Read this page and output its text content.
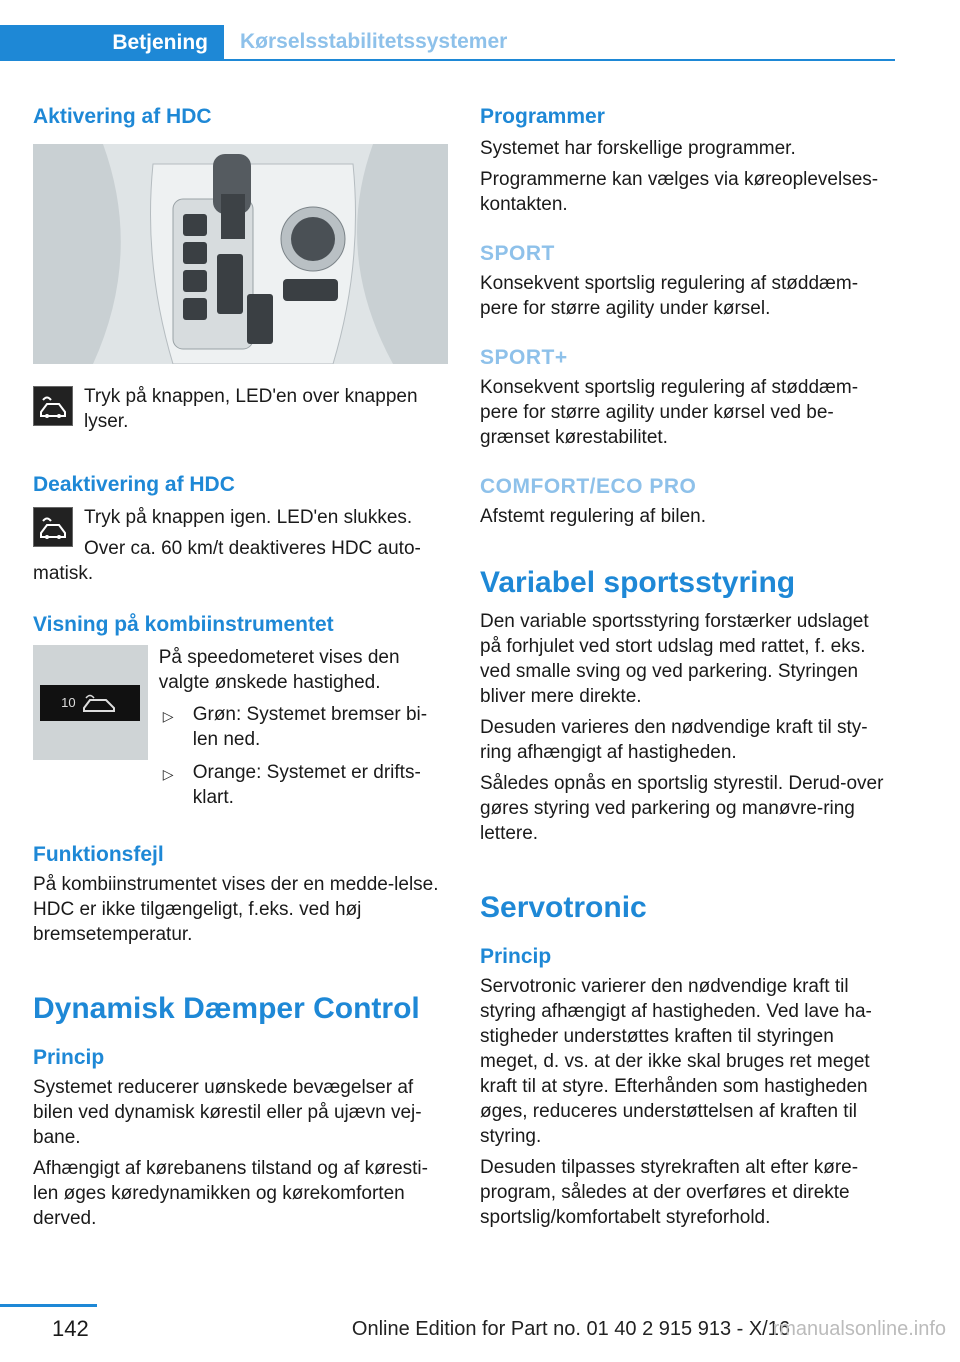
Betjening	Kørselsstabilitetssystemer
Aktivering af HDC

Tryk på knappen, LED'en over knappen lyser.

Deaktivering af HDC

Tryk på knappen igen. LED'en slukkes.

Over ca. 60 km/t deaktiveres HDC auto-

matisk.

Visning på kombiinstrumentet
10

På speedometeret vises den valgte ønskede hastighed.

▷	Grøn: Systemet bremser bi-len ned.
▷	Orange: Systemet er drifts-klart.
Funktionsfejl

På kombiinstrumentet vises der en medde-lelse. HDC er ikke tilgængeligt, f.eks. ved høj bremsetemperatur.

Dynamisk Dæmper Control
Princip

Systemet reducerer uønskede bevægelser af bilen ved dynamisk kørestil eller på ujævn vej-bane.

Afhængigt af kørebanens tilstand og af køresti-len øges køredynamikken og kørekomforten derved.

Programmer

Systemet har forskellige programmer.

Programmerne kan vælges via køreoplevelses-kontakten.

SPORT

Konsekvent sportslig regulering af støddæm-pere for større agility under kørsel.

SPORT+

Konsekvent sportslig regulering af støddæm-pere for større agility under kørsel ved be-grænset kørestabilitet.

COMFORT/ECO PRO

Afstemt regulering af bilen.

Variabel sportsstyring

Den variable sportsstyring forstærker udslaget på forhjulet ved stort udslag med rattet, f. eks. ved smalle sving og ved parkering. Styringen bliver mere direkte.

Desuden varieres den nødvendige kraft til sty-ring afhængigt af hastigheden.

Således opnås en sportslig styrestil. Derud-over gøres styring ved parkering og manøvre-ring lettere.

Servotronic
Princip

Servotronic varierer den nødvendige kraft til styring afhængigt af hastigheden. Ved lave ha-stigheder understøttes kraften til styringen meget, d. vs. at der ikke skal bruges ret meget kraft til at styre. Efterhånden som hastigheden øges, reduceres understøttelsen af kraften til styring.

Desuden tilpasses styrekraften alt efter køre-program, således at der overføres et direkte sportslig/komfortabelt styreforhold.

142	Online Edition for Part no. 01 40 2 915 913 - X/16
rmanualsonline.info
